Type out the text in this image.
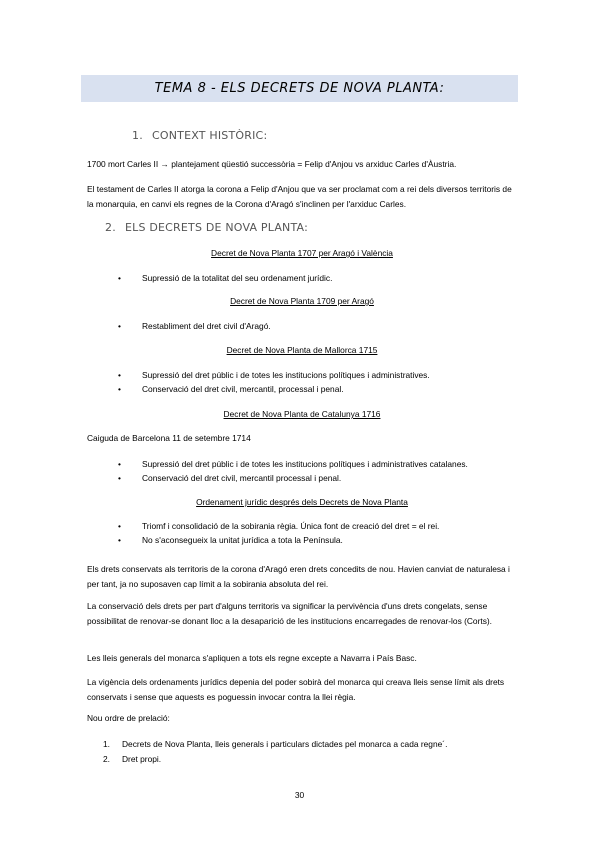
TEMA 8 - ELS DECRETS DE NOVA PLANTA:
1. CONTEXT HISTÒRIC:
1700 mort Carles II → plantejament qüestió successòria = Felip d'Anjou vs arxiduc Carles d'Àustria.
El testament de Carles II atorga la corona a Felip d'Anjou que va ser proclamat com a rei dels diversos territoris de la monarquia, en canvi els regnes de la Corona d'Aragó s'inclinen per l'arxiduc Carles.
2. ELS DECRETS DE NOVA PLANTA:
Decret de Nova Planta 1707 per Aragó i València
•	Supressió de la totalitat del seu ordenament jurídic.
Decret de Nova Planta 1709 per Aragó
•	Restabliment del dret civil d'Aragó.
Decret de Nova Planta de Mallorca 1715
•	Supressió del dret públic i de totes les institucions polítiques i administratives.
•	Conservació del dret civil, mercantil, processal i penal.
Decret de Nova Planta de Catalunya 1716
Caiguda de Barcelona 11 de setembre 1714
•	Supressió del dret públic i de totes les institucions polítiques i administratives catalanes.
•	Conservació del dret civil, mercantil processal i penal.
Ordenament jurídic després dels Decrets de Nova Planta
•	Triomf i consolidació de la sobirania règia. Única font de creació del dret = el rei.
•	No s'aconsegueix la unitat jurídica a tota la Península.
Els drets conservats als territoris de la corona d'Aragó eren drets concedits de nou. Havien canviat de naturalesa i per tant, ja no suposaven cap límit a la sobirania absoluta del rei.
La conservació dels drets per part d'alguns territoris va significar la pervivència d'uns drets congelats, sense possibilitat de renovar-se donant lloc a la desaparició de les institucions encarregades de renovar-los (Corts).
Les lleis generals del monarca s'apliquen a tots els regne excepte a Navarra i País Basc.
La vigència dels ordenaments jurídics depenia del poder sobirà del monarca qui creava lleis sense límit als drets conservats i sense que aquests es poguessin invocar contra la llei règia.
Nou ordre de prelació:
1. Decrets de Nova Planta, lleis generals i particulars dictades pel monarca a cada regne´.
2. Dret propi.
30
